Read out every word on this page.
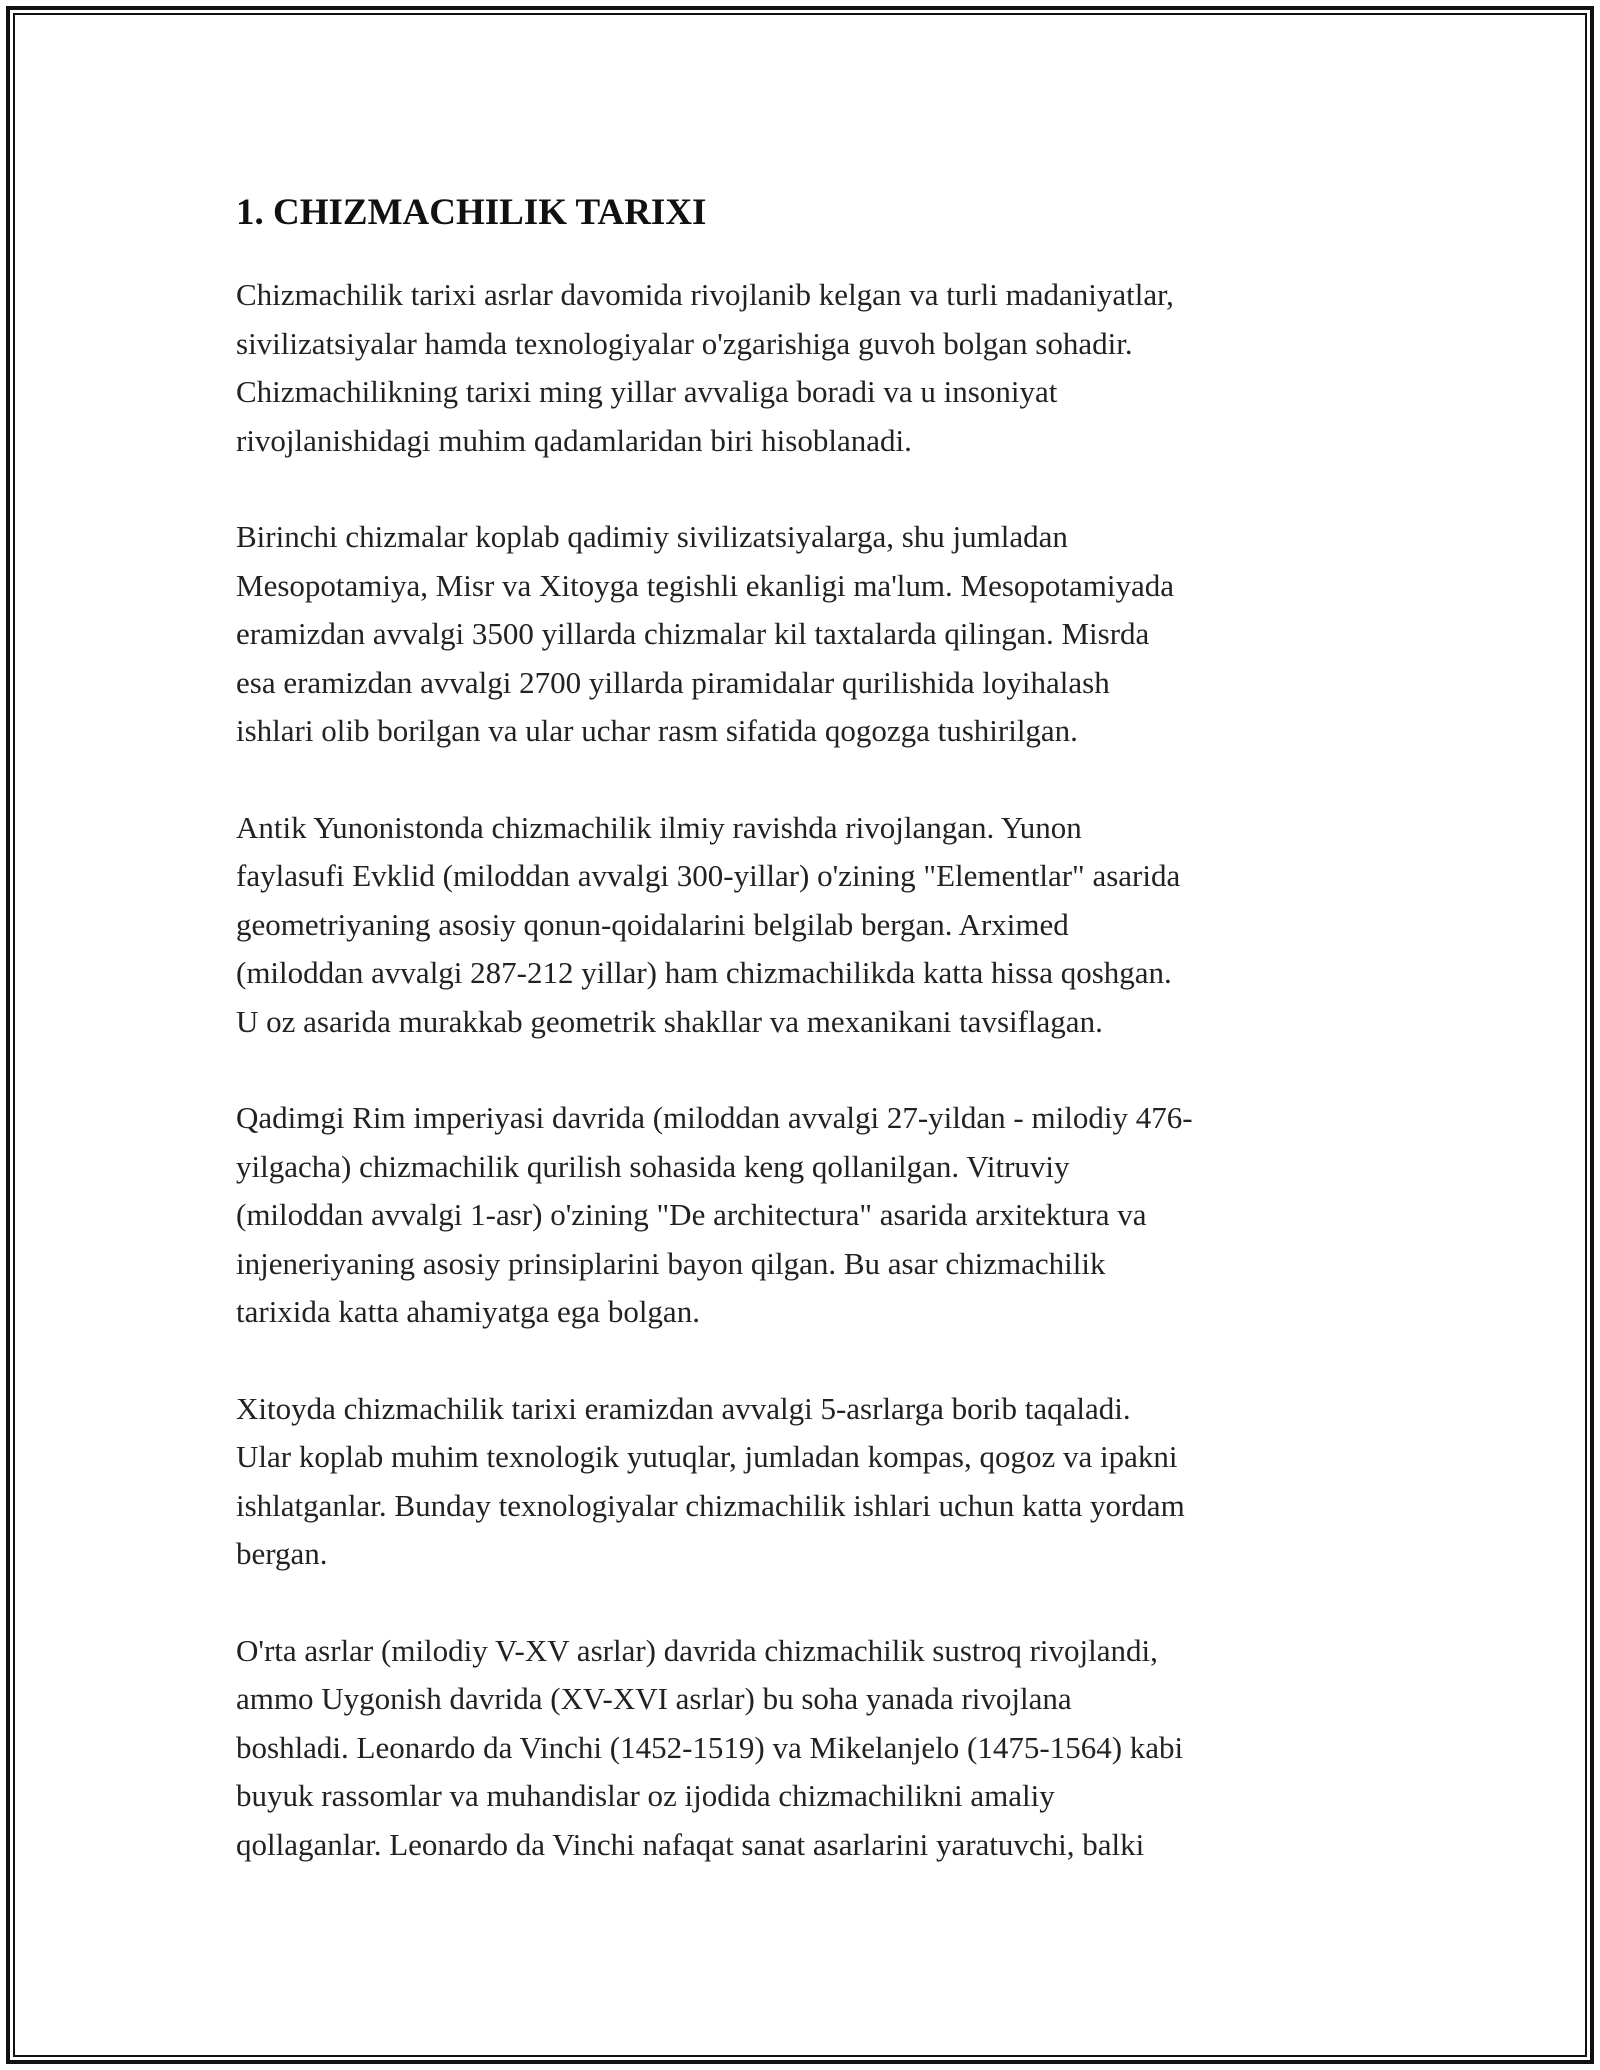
1. CHIZMACHILIK TARIXI

Chizmachilik tarixi asrlar davomida rivojlanib kelgan va turli madaniyatlar,
sivilizatsiyalar hamda texnologiyalar o'zgarishiga guvoh bolgan sohadir.
Chizmachilikning tarixi ming yillar avvaliga boradi va u insoniyat
rivojlanishidagi muhim qadamlaridan biri hisoblanadi.

Birinchi chizmalar koplab qadimiy sivilizatsiyalarga, shu jumladan
Mesopotamiya, Misr va Xitoyga tegishli ekanligi ma'lum. Mesopotamiyada
eramizdan avvalgi 3500 yillarda chizmalar kil taxtalarda qilingan. Misrda
esa eramizdan avvalgi 2700 yillarda piramidalar qurilishida loyihalash
ishlari olib borilgan va ular uchar rasm sifatida qogozga tushirilgan.

Antik Yunonistonda chizmachilik ilmiy ravishda rivojlangan. Yunon
faylasufi Evklid (miloddan avvalgi 300-yillar) o'zining "Elementlar" asarida
geometriyaning asosiy qonun-qoidalarini belgilab bergan. Arximed
(miloddan avvalgi 287-212 yillar) ham chizmachilikda katta hissa qoshgan.
U oz asarida murakkab geometrik shakllar va mexanikani tavsiflagan.

Qadimgi Rim imperiyasi davrida (miloddan avvalgi 27-yildan - milodiy 476-
yilgacha) chizmachilik qurilish sohasida keng qollanilgan. Vitruviy
(miloddan avvalgi 1-asr) o'zining "De architectura" asarida arxitektura va
injeneriyaning asosiy prinsiplarini bayon qilgan. Bu asar chizmachilik
tarixida katta ahamiyatga ega bolgan.

Xitoyda chizmachilik tarixi eramizdan avvalgi 5-asrlarga borib taqaladi.
Ular koplab muhim texnologik yutuqlar, jumladan kompas, qogoz va ipakni
ishlatganlar. Bunday texnologiyalar chizmachilik ishlari uchun katta yordam
bergan.

O'rta asrlar (milodiy V-XV asrlar) davrida chizmachilik sustroq rivojlandi,
ammo Uygonish davrida (XV-XVI asrlar) bu soha yanada rivojlana
boshladi. Leonardo da Vinchi (1452-1519) va Mikelanjelo (1475-1564) kabi
buyuk rassomlar va muhandislar oz ijodida chizmachilikni amaliy
qollaganlar. Leonardo da Vinchi nafaqat sanat asarlarini yaratuvchi, balki
